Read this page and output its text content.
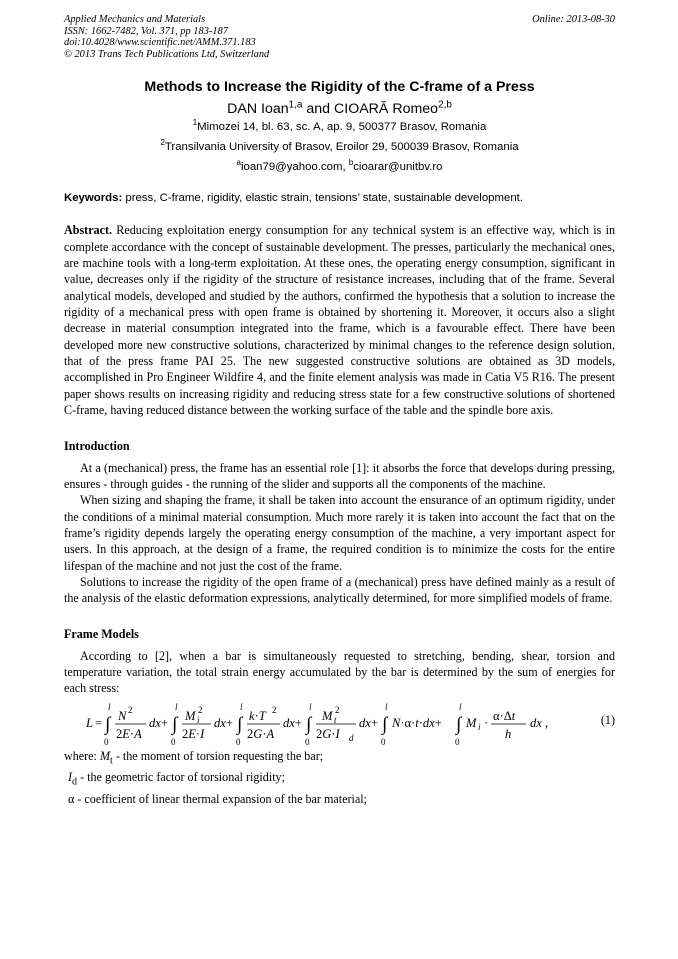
Applied Mechanics and Materials
ISSN: 1662-7482, Vol. 371, pp 183-187
doi:10.4028/www.scientific.net/AMM.371.183
© 2013 Trans Tech Publications Ltd, Switzerland
Online: 2013-08-30
Methods to Increase the Rigidity of the C-frame of a Press
DAN Ioan$^{1,a}$ and CIOARĂ Romeo$^{2,b}$
$^1$Mimozei 14, bl. 63, sc. A, ap. 9, 500377 Brasov, Romania
$^2$Transilvania University of Brasov, Eroilor 29, 500039 Brasov, Romania
$^a$ioan79@yahoo.com, $^b$cioarar@unitbv.ro
Keywords: press, C-frame, rigidity, elastic strain, tensions’ state, sustainable development.

Abstract. Reducing exploitation energy consumption for any technical system is an effective way, which is in complete accordance with the concept of sustainable development. The presses, particularly the mechanical ones, are machine tools with a long-term exploitation. At these ones, the operating energy consumption, significant in value, decreases only if the rigidity of the structure of resistance increases, including that of the frame. Several analytical models, developed and studied by the authors, confirmed the hypothesis that a solution to increase the rigidity of a mechanical press with open frame is obtained by shortening it. Moreover, it occurs also a slight decrease in material consumption integrated into the frame, which is a favourable effect. There have been developed more new constructive solutions, characterized by minimal changes to the reference design solution, that of the press frame PAI 25. The new suggested constructive solutions are obtained as 3D models, accomplished in Pro Engineer Wildfire 4, and the finite element analysis was made in Catia V5 R16. The present paper shows results on increasing rigidity and reducing stress state for a few constructive solutions of shortened C-frame, having reduced distance between the working surface of the table and the spindle bore axis.

Introduction

At a (mechanical) press, the frame has an essential role [1]: it absorbs the force that develops during pressing, ensures - through guides - the running of the slider and supports all the components of the machine.

When sizing and shaping the frame, it shall be taken into account the ensurance of an optimum rigidity, under the conditions of a minimal material consumption. Much more rarely it is taken into account the fact that on the frame’s rigidity depends largely the operating energy consumption of the machine, a very important aspect for users. In this approach, at the design of a frame, the required condition is to minimize the costs for the entire lifespan of the machine and not just the cost of the frame.

Solutions to increase the rigidity of the open frame of a (mechanical) press have defined mainly as a result of the analysis of the elastic deformation expressions, analytically determined, for more simplified models of frame.

Frame Models

According to [2], when a bar is simultaneously requested to stretching, bending, shear, torsion and temperature variation, the total strain energy accumulated by the bar is determined by the sum of energies for each stress:

L = ∫
l
0
N 2
2E·A
dx+ ∫
l
0
M i
2
2E·I
dx+ ∫
l
0
k·T 2
2G·A
dx+ ∫
l
0
M t
2
2G·I d
dx+ ∫
l
0
N·α·t·dx+ ∫
l
0
M i · α·Δt
h
dx ,	(1)

where: $M_t$ - the moment of torsion requesting the bar;

$I_d$ - the geometric factor of torsional rigidity;

α - coefficient of linear thermal expansion of the bar material;
